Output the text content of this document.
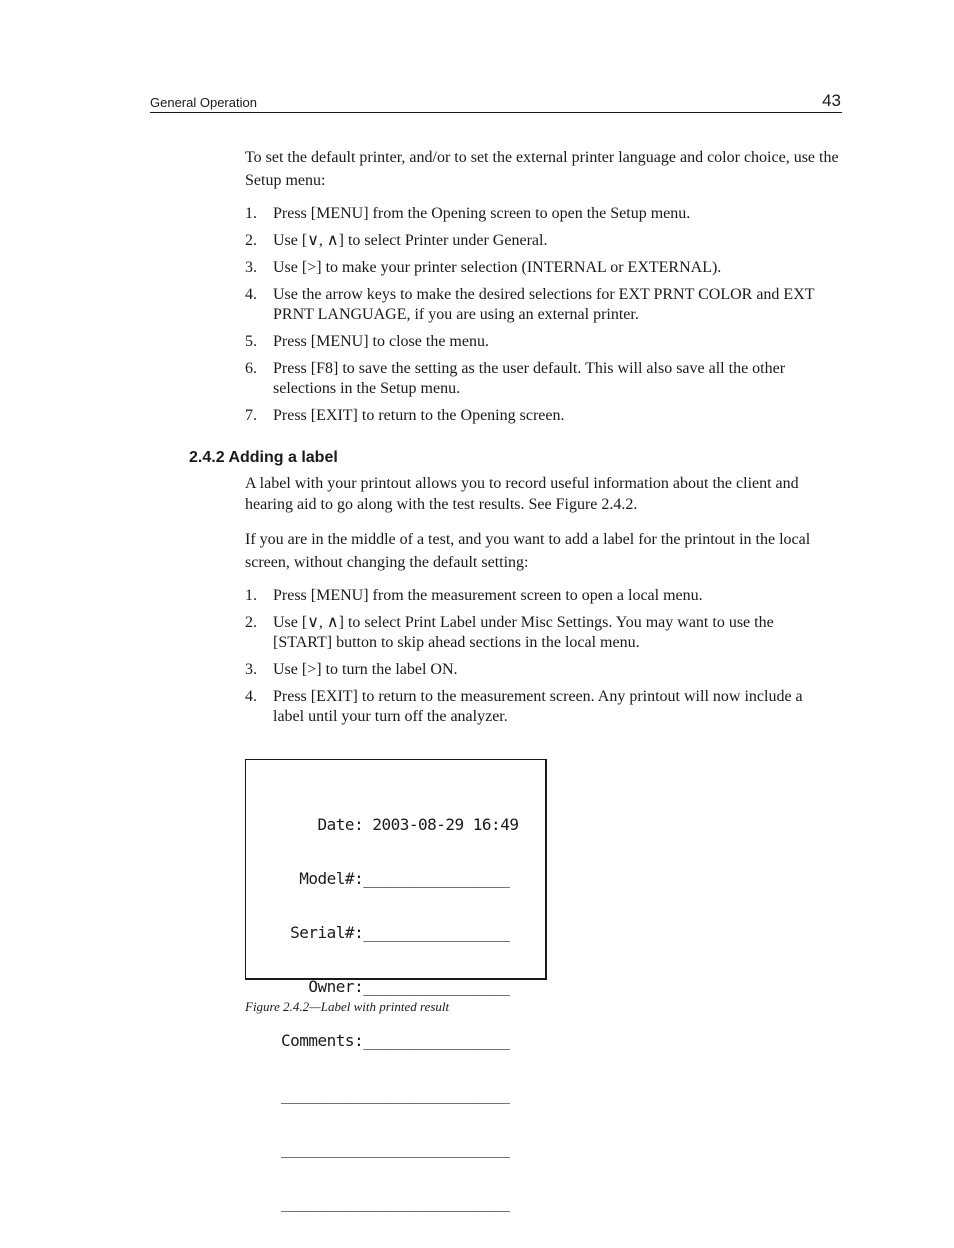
General Operation	43

To set the default printer, and/or to set the external printer language and color choice, use the Setup menu:

1. Press [MENU] from the Opening screen to open the Setup menu.
2. Use [∨, ∧] to select Printer under General.
3. Use [>] to make your printer selection (INTERNAL or EXTERNAL).
4. Use the arrow keys to make the desired selections for EXT PRNT COLOR and EXT PRNT LANGUAGE, if you are using an external printer.
5. Press [MENU] to close the menu.
6. Press [F8] to save the setting as the user default. This will also save all the other selections in the Setup menu.
7. Press [EXIT] to return to the Opening screen.
2.4.2 Adding a label

A label with your printout allows you to record useful information about the client and hearing aid to go along with the test results. See Figure 2.4.2.

If you are in the middle of a test, and you want to add a label for the printout in the local screen, without changing the default setting:

1. Press [MENU] from the measurement screen to open a local menu.
2. Use [∨, ∧] to select Print Label under Misc Settings. You may want to use the [START] button to skip ahead sections in the local menu.
3. Use [>] to turn the label ON.
4. Press [EXIT] to return to the measurement screen. Any printout will now include a label until your turn off the analyzer.

Date: 2003-08-29 16:49

Model#:________________

Serial#:________________

Owner:________________

Comments:________________

_________________________

_________________________

_________________________

Figure 2.4.2—Label with printed result
